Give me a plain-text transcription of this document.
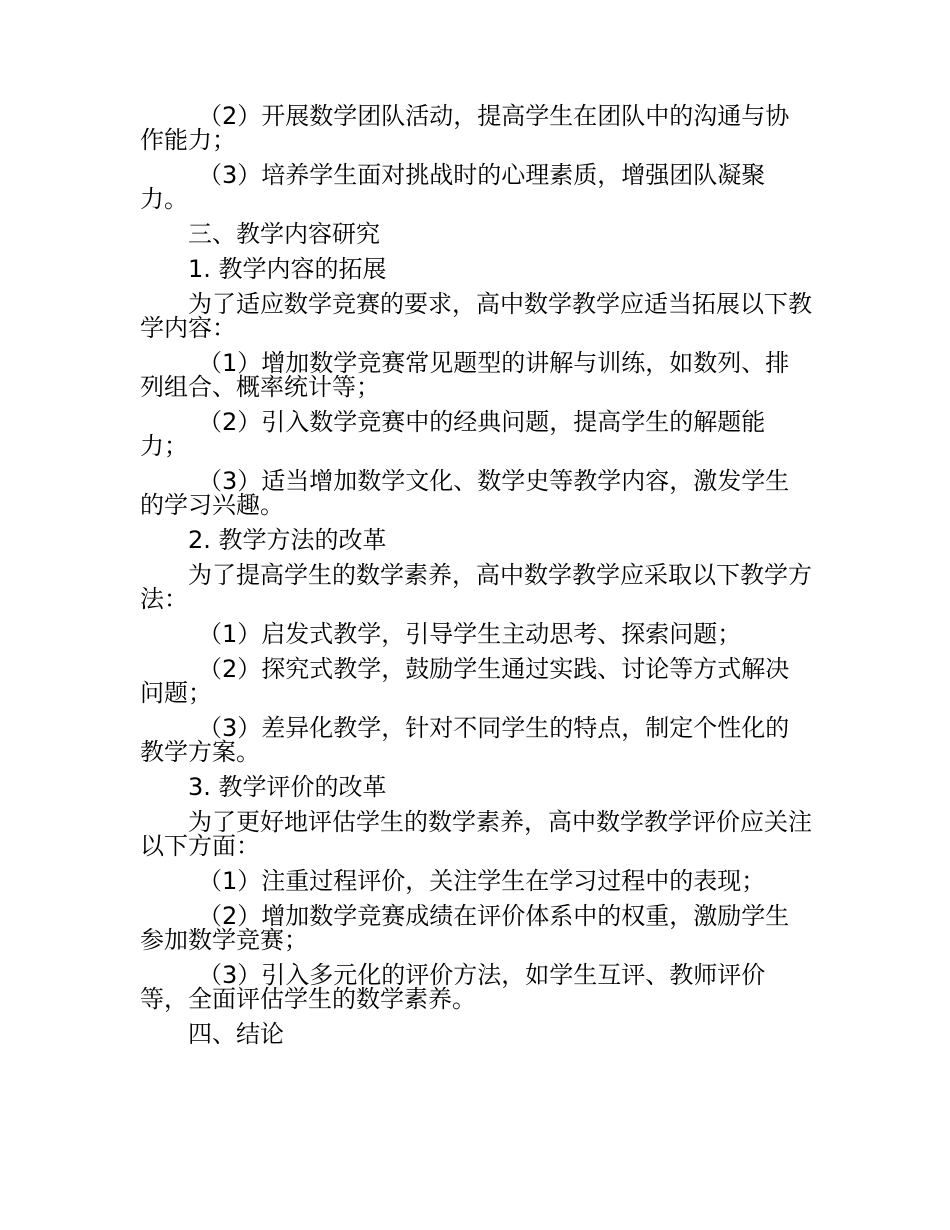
（2）开展数学团队活动，提高学生在团队中的沟通与协作能力；

（3）培养学生面对挑战时的心理素质，增强团队凝聚力。

三、教学内容研究

1. 教学内容的拓展

为了适应数学竞赛的要求，高中数学教学应适当拓展以下教学内容：

（1）增加数学竞赛常见题型的讲解与训练，如数列、排列组合、概率统计等；

（2）引入数学竞赛中的经典问题，提高学生的解题能力；

（3）适当增加数学文化、数学史等教学内容，激发学生的学习兴趣。

2. 教学方法的改革

为了提高学生的数学素养，高中数学教学应采取以下教学方法：

（1）启发式教学，引导学生主动思考、探索问题；

（2）探究式教学，鼓励学生通过实践、讨论等方式解决问题；

（3）差异化教学，针对不同学生的特点，制定个性化的教学方案。

3. 教学评价的改革

为了更好地评估学生的数学素养，高中数学教学评价应关注以下方面：

（1）注重过程评价，关注学生在学习过程中的表现；

（2）增加数学竞赛成绩在评价体系中的权重，激励学生参加数学竞赛；

（3）引入多元化的评价方法，如学生互评、教师评价等，全面评估学生的数学素养。

四、结论
